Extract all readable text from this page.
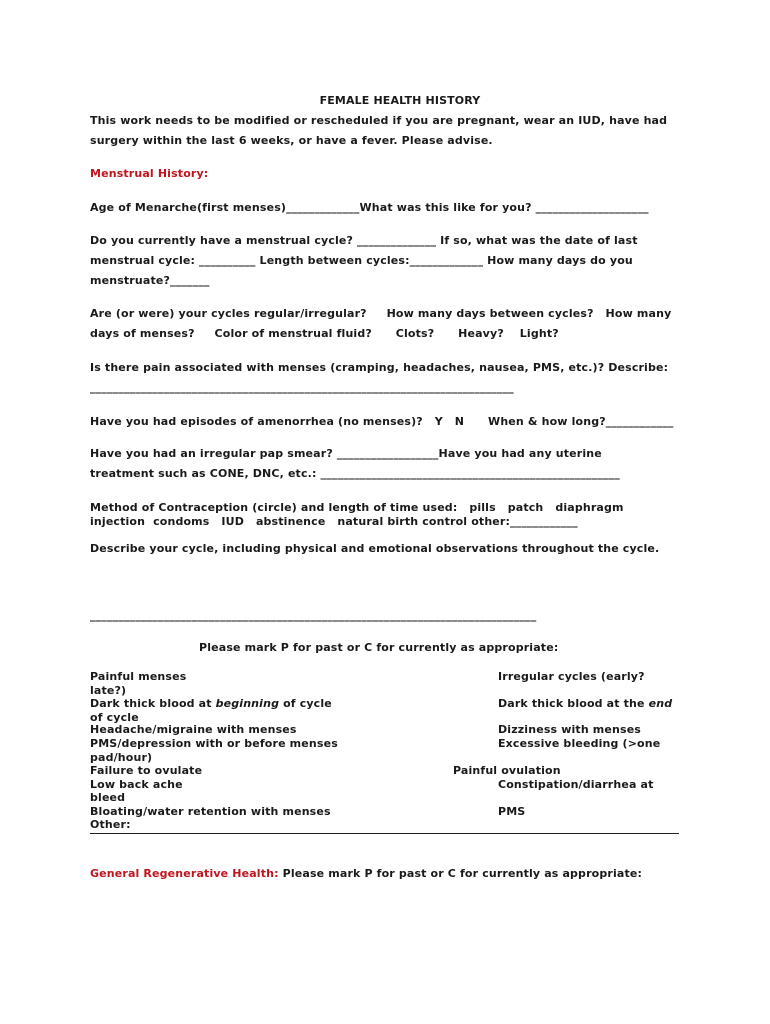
FEMALE HEALTH HISTORY
This work needs to be modified or rescheduled if you are pregnant, wear an IUD, have had
surgery within the last 6 weeks, or have a fever. Please advise.
Menstrual History:
Age of Menarche(first menses)_____________What was this like for you? ____________________
Do you currently have a menstrual cycle? ______________ If so, what was the date of last
menstrual cycle: __________ Length between cycles:_____________ How many days do you
menstruate?_______
Are (or were) your cycles regular/irregular?     How many days between cycles?   How many
days of menses?     Color of menstrual fluid?      Clots?      Heavy?    Light?
Is there pain associated with menses (cramping, headaches, nausea, PMS, etc.)? Describe:
___________________________________________________________________________
Have you had episodes of amenorrhea (no menses)?   Y   N      When & how long?____________
Have you had an irregular pap smear? __________________Have you had any uterine
treatment such as CONE, DNC, etc.: _____________________________________________________
Method of Contraception (circle) and length of time used:   pills   patch   diaphragm
injection  condoms   IUD   abstinence   natural birth control other:____________
Describe your cycle, including physical and emotional observations throughout the cycle.
_______________________________________________________________________________
Please mark P for past or C for currently as appropriate:
Painful menses
late?)
Dark thick blood at beginning of cycle
of cycle
Headache/migraine with menses
PMS/depression with or before menses
pad/hour)
Failure to ovulate
Low back ache
bleed
Bloating/water retention with menses
Other:
Irregular cycles (early?
Dark thick blood at the end
Dizziness with menses
Excessive bleeding (>one
Painful ovulation
Constipation/diarrhea at
PMS
General Regenerative Health: Please mark P for past or C for currently as appropriate:
